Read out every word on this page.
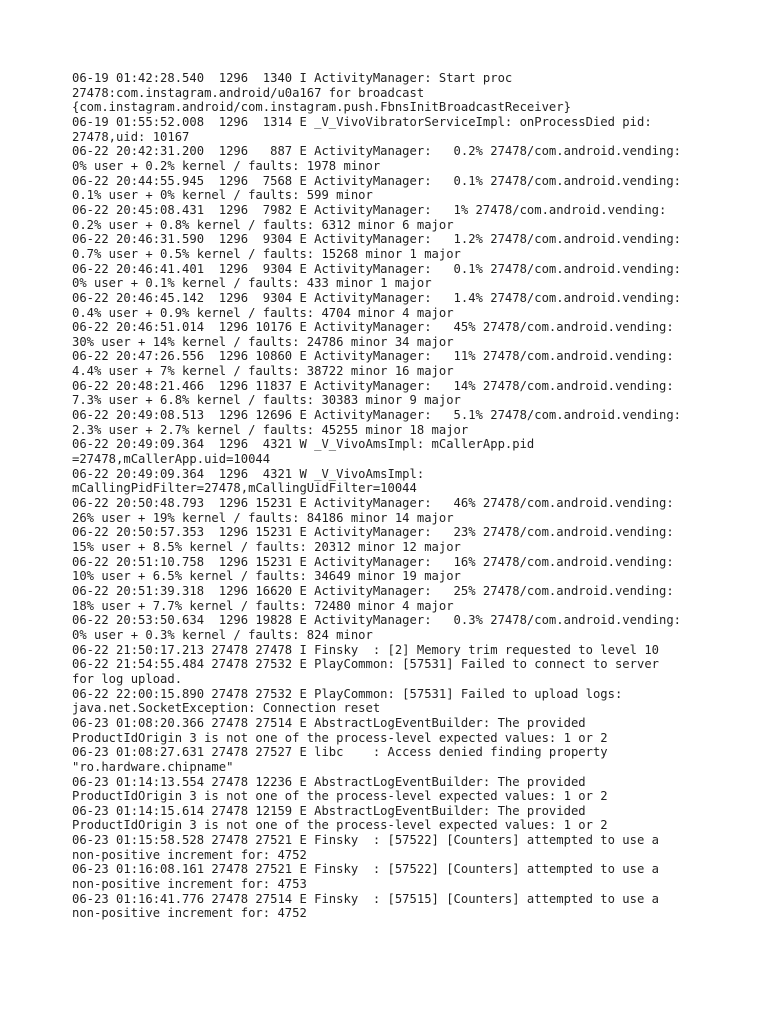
06-19 01:42:28.540  1296  1340 I ActivityManager: Start proc
27478:com.instagram.android/u0a167 for broadcast
{com.instagram.android/com.instagram.push.FbnsInitBroadcastReceiver}
06-19 01:55:52.008  1296  1314 E _V_VivoVibratorServiceImpl: onProcessDied pid:
27478,uid: 10167
06-22 20:42:31.200  1296   887 E ActivityManager:   0.2% 27478/com.android.vending:
0% user + 0.2% kernel / faults: 1978 minor
06-22 20:44:55.945  1296  7568 E ActivityManager:   0.1% 27478/com.android.vending:
0.1% user + 0% kernel / faults: 599 minor
06-22 20:45:08.431  1296  7982 E ActivityManager:   1% 27478/com.android.vending:
0.2% user + 0.8% kernel / faults: 6312 minor 6 major
06-22 20:46:31.590  1296  9304 E ActivityManager:   1.2% 27478/com.android.vending:
0.7% user + 0.5% kernel / faults: 15268 minor 1 major
06-22 20:46:41.401  1296  9304 E ActivityManager:   0.1% 27478/com.android.vending:
0% user + 0.1% kernel / faults: 433 minor 1 major
06-22 20:46:45.142  1296  9304 E ActivityManager:   1.4% 27478/com.android.vending:
0.4% user + 0.9% kernel / faults: 4704 minor 4 major
06-22 20:46:51.014  1296 10176 E ActivityManager:   45% 27478/com.android.vending:
30% user + 14% kernel / faults: 24786 minor 34 major
06-22 20:47:26.556  1296 10860 E ActivityManager:   11% 27478/com.android.vending:
4.4% user + 7% kernel / faults: 38722 minor 16 major
06-22 20:48:21.466  1296 11837 E ActivityManager:   14% 27478/com.android.vending:
7.3% user + 6.8% kernel / faults: 30383 minor 9 major
06-22 20:49:08.513  1296 12696 E ActivityManager:   5.1% 27478/com.android.vending:
2.3% user + 2.7% kernel / faults: 45255 minor 18 major
06-22 20:49:09.364  1296  4321 W _V_VivoAmsImpl: mCallerApp.pid
=27478,mCallerApp.uid=10044
06-22 20:49:09.364  1296  4321 W _V_VivoAmsImpl:
mCallingPidFilter=27478,mCallingUidFilter=10044
06-22 20:50:48.793  1296 15231 E ActivityManager:   46% 27478/com.android.vending:
26% user + 19% kernel / faults: 84186 minor 14 major
06-22 20:50:57.353  1296 15231 E ActivityManager:   23% 27478/com.android.vending:
15% user + 8.5% kernel / faults: 20312 minor 12 major
06-22 20:51:10.758  1296 15231 E ActivityManager:   16% 27478/com.android.vending:
10% user + 6.5% kernel / faults: 34649 minor 19 major
06-22 20:51:39.318  1296 16620 E ActivityManager:   25% 27478/com.android.vending:
18% user + 7.7% kernel / faults: 72480 minor 4 major
06-22 20:53:50.634  1296 19828 E ActivityManager:   0.3% 27478/com.android.vending:
0% user + 0.3% kernel / faults: 824 minor
06-22 21:50:17.213 27478 27478 I Finsky  : [2] Memory trim requested to level 10
06-22 21:54:55.484 27478 27532 E PlayCommon: [57531] Failed to connect to server
for log upload.
06-22 22:00:15.890 27478 27532 E PlayCommon: [57531] Failed to upload logs:
java.net.SocketException: Connection reset
06-23 01:08:20.366 27478 27514 E AbstractLogEventBuilder: The provided
ProductIdOrigin 3 is not one of the process-level expected values: 1 or 2
06-23 01:08:27.631 27478 27527 E libc    : Access denied finding property
"ro.hardware.chipname"
06-23 01:14:13.554 27478 12236 E AbstractLogEventBuilder: The provided
ProductIdOrigin 3 is not one of the process-level expected values: 1 or 2
06-23 01:14:15.614 27478 12159 E AbstractLogEventBuilder: The provided
ProductIdOrigin 3 is not one of the process-level expected values: 1 or 2
06-23 01:15:58.528 27478 27521 E Finsky  : [57522] [Counters] attempted to use a
non-positive increment for: 4752
06-23 01:16:08.161 27478 27521 E Finsky  : [57522] [Counters] attempted to use a
non-positive increment for: 4753
06-23 01:16:41.776 27478 27514 E Finsky  : [57515] [Counters] attempted to use a
non-positive increment for: 4752
